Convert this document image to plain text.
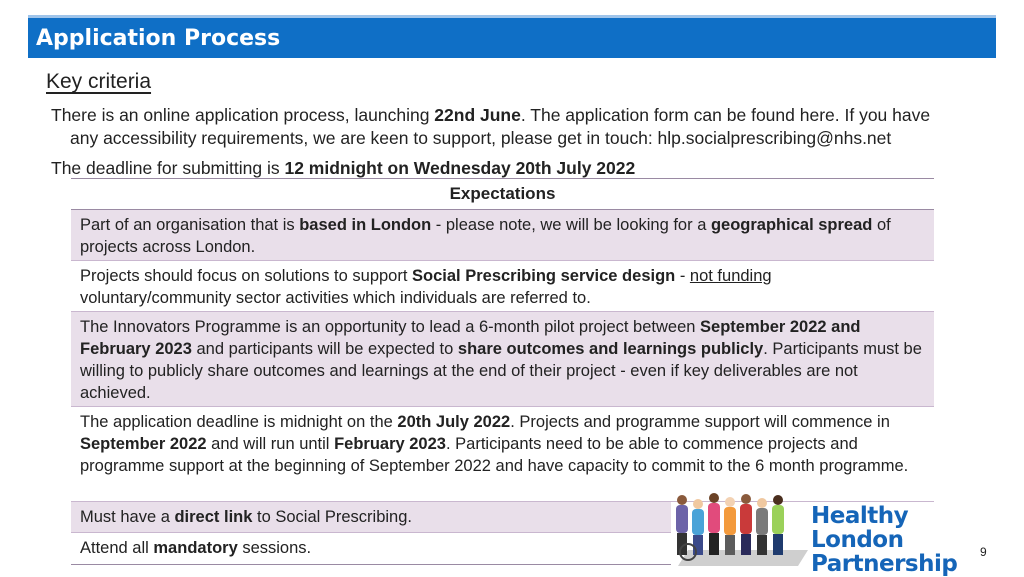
Application Process
Key criteria
There is an online application process, launching 22nd June. The application form can be found here. If you have
any accessibility requirements, we are keen to support, please get in touch: hlp.socialprescribing@nhs.net
The deadline for submitting is 12 midnight on Wednesday 20th July 2022
Expectations
Part of an organisation that is based in London - please note, we will be looking for a geographical spread of projects across London.
Projects should focus on solutions to support Social Prescribing service design - not funding voluntary/community sector activities which individuals are referred to.
The Innovators Programme is an opportunity to lead a 6-month pilot project between September 2022 and February 2023 and participants will be expected to share outcomes and learnings publicly. Participants must be willing to publicly share outcomes and learnings at the end of their project - even if key deliverables are not achieved.
The application deadline is midnight on the 20th July 2022. Projects and programme support will commence in September 2022 and will run until February 2023. Participants need to be able to commence projects and programme support at the beginning of September 2022 and have capacity to commit to the 6 month programme.
Must have a direct link to Social Prescribing.
Attend all mandatory sessions.
Healthy London
Partnership	9
